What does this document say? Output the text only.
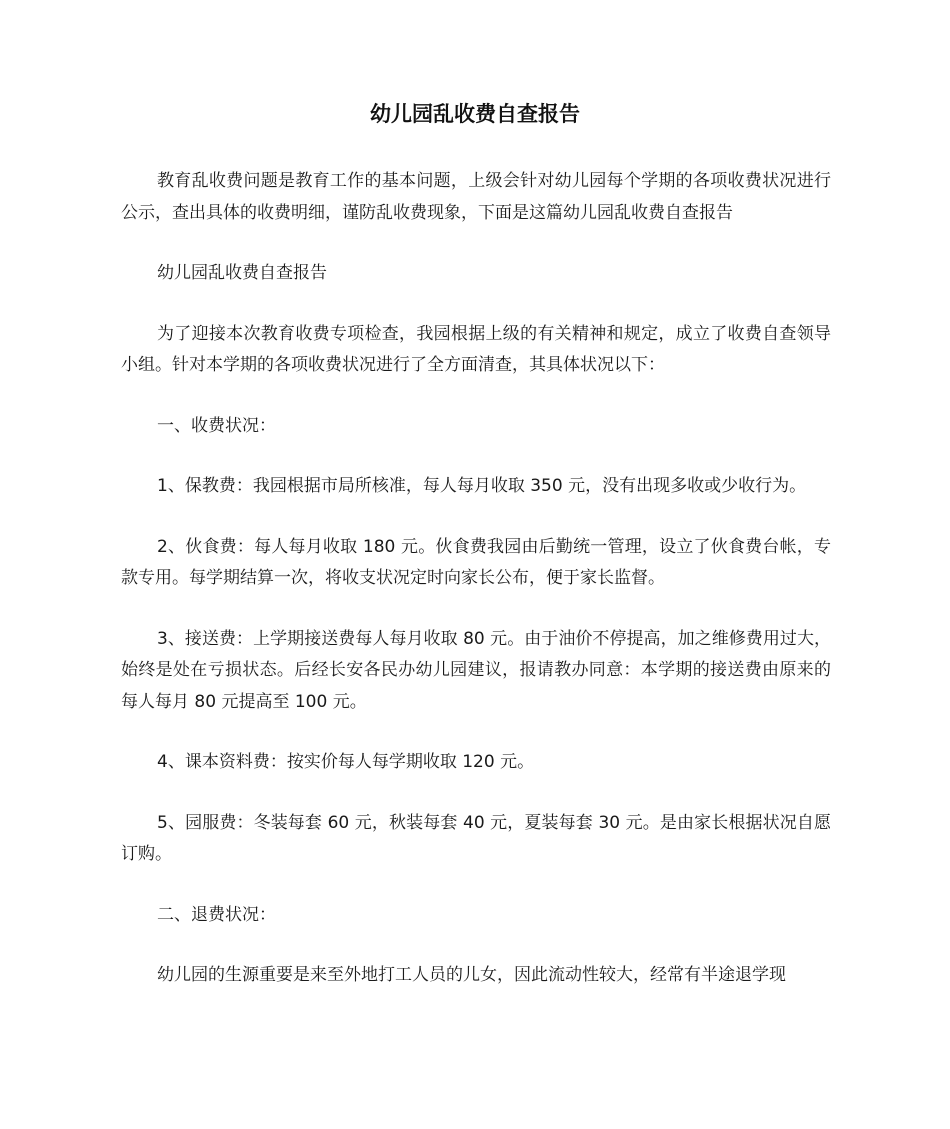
幼儿园乱收费自查报告

教育乱收费问题是教育工作的基本问题，上级会针对幼儿园每个学期的各项收费状况进行公示，查出具体的收费明细，谨防乱收费现象，下面是这篇幼儿园乱收费自查报告

幼儿园乱收费自查报告

为了迎接本次教育收费专项检查，我园根据上级的有关精神和规定，成立了收费自查领导小组。针对本学期的各项收费状况进行了全方面清查，其具体状况以下：

一、收费状况：

1、保教费：我园根据市局所核准，每人每月收取 350 元，没有出现多收或少收行为。

2、伙食费：每人每月收取 180 元。伙食费我园由后勤统一管理，设立了伙食费台帐，专款专用。每学期结算一次，将收支状况定时向家长公布，便于家长监督。

3、接送费：上学期接送费每人每月收取 80 元。由于油价不停提高，加之维修费用过大，始终是处在亏损状态。后经长安各民办幼儿园建议，报请教办同意：本学期的接送费由原来的每人每月 80 元提高至 100 元。

4、课本资料费：按实价每人每学期收取 120 元。

5、园服费：冬装每套 60 元，秋装每套 40 元，夏装每套 30 元。是由家长根据状况自愿订购。

二、退费状况：

幼儿园的生源重要是来至外地打工人员的儿女，因此流动性较大，经常有半途退学现
